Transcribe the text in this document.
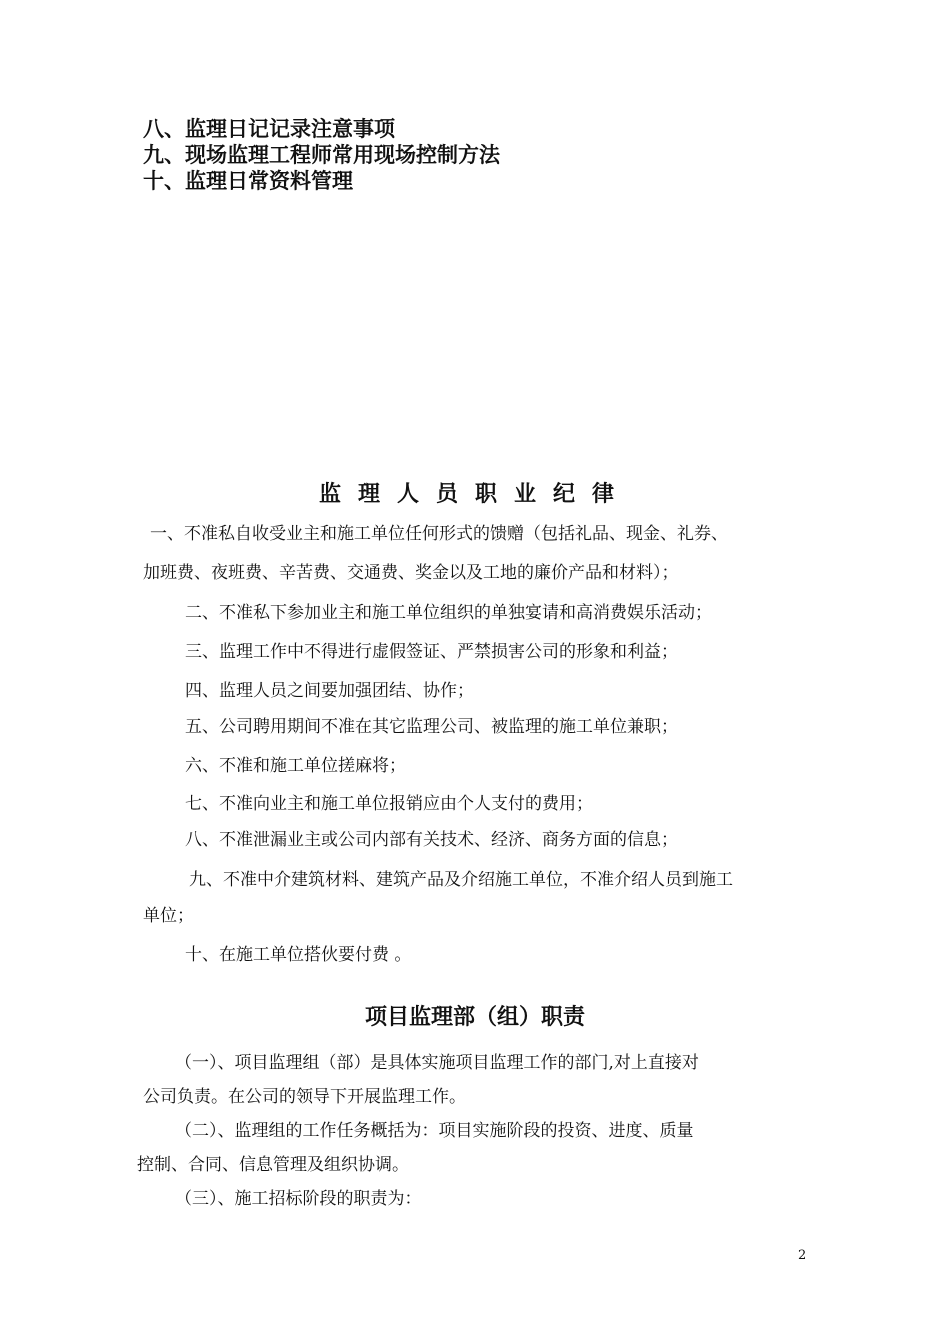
八、监理日记记录注意事项
九、现场监理工程师常用现场控制方法
十、监理日常资料管理
监理人员职业纪律
一、不准私自收受业主和施工单位任何形式的馈赠（包括礼品、现金、礼券、
加班费、夜班费、辛苦费、交通费、奖金以及工地的廉价产品和材料）；
二、不准私下参加业主和施工单位组织的单独宴请和高消费娱乐活动；
三、监理工作中不得进行虚假签证、严禁损害公司的形象和利益；
四、监理人员之间要加强团结、协作；
五、公司聘用期间不准在其它监理公司、被监理的施工单位兼职；
六、不准和施工单位搓麻将；
七、不准向业主和施工单位报销应由个人支付的费用；
八、不准泄漏业主或公司内部有关技术、经济、商务方面的信息；
九、不准中介建筑材料、建筑产品及介绍施工单位，不准介绍人员到施工
单位；
十、在施工单位搭伙要付费 。
项目监理部（组）职责
（一）、项目监理组（部）是具体实施项目监理工作的部门,对上直接对
公司负责。在公司的领导下开展监理工作。
（二）、监理组的工作任务概括为：项目实施阶段的投资、进度、质量
控制、合同、信息管理及组织协调。
（三）、施工招标阶段的职责为：
2
